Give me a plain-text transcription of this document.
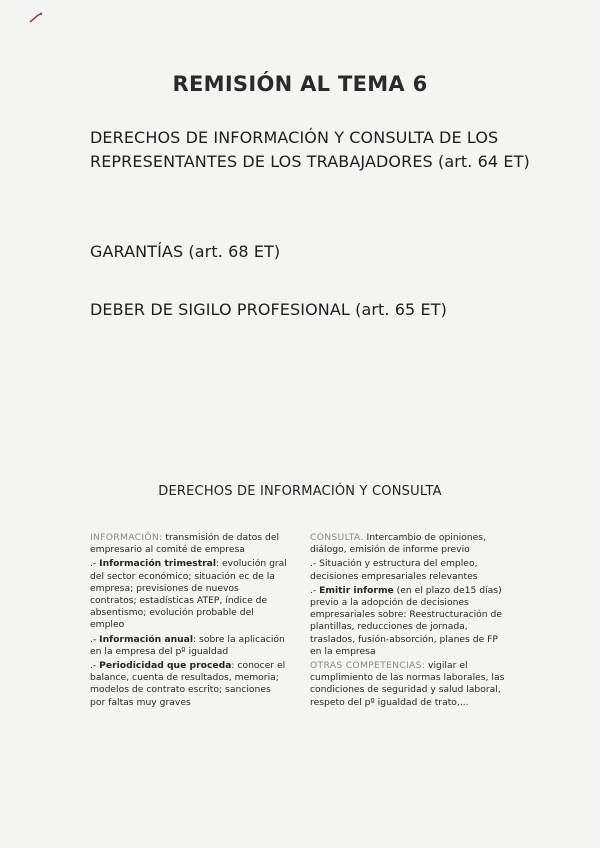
REMISIÓN AL TEMA 6
DERECHOS DE INFORMACIÓN Y CONSULTA DE LOS REPRESENTANTES DE LOS TRABAJADORES (art. 64 ET)
GARANTÍAS (art. 68 ET)
DEBER DE SIGILO PROFESIONAL (art. 65 ET)
DERECHOS DE INFORMACIÓN Y CONSULTA

INFORMACIÓN: transmisión de datos del empresario al comité de empresa

.- Información trimestral: evolución gral del sector económico; situación ec de la empresa; previsiones de nuevos contratos; estadísticas ATEP, índice de absentismo; evolución probable del empleo

.- Información anual: sobre la aplicación en la empresa del pº igualdad

.- Periodicidad que proceda: conocer el balance, cuenta de resultados, memoria; modelos de contrato escrito; sanciones por faltas muy graves

CONSULTA. Intercambio de opiniones, diálogo, emisión de informe previo

.- Situación y estructura del empleo, decisiones empresariales relevantes

.- Emitir informe (en el plazo de15 días) previo a la adopción de decisiones empresariales sobre: Reestructuración de plantillas, reducciones de jornada, traslados, fusión-absorción, planes de FP en la empresa

OTRAS COMPETENCIAS: vigilar el cumplimiento de las normas laborales, las condiciones de seguridad y salud laboral, respeto del pº igualdad de trato,...
